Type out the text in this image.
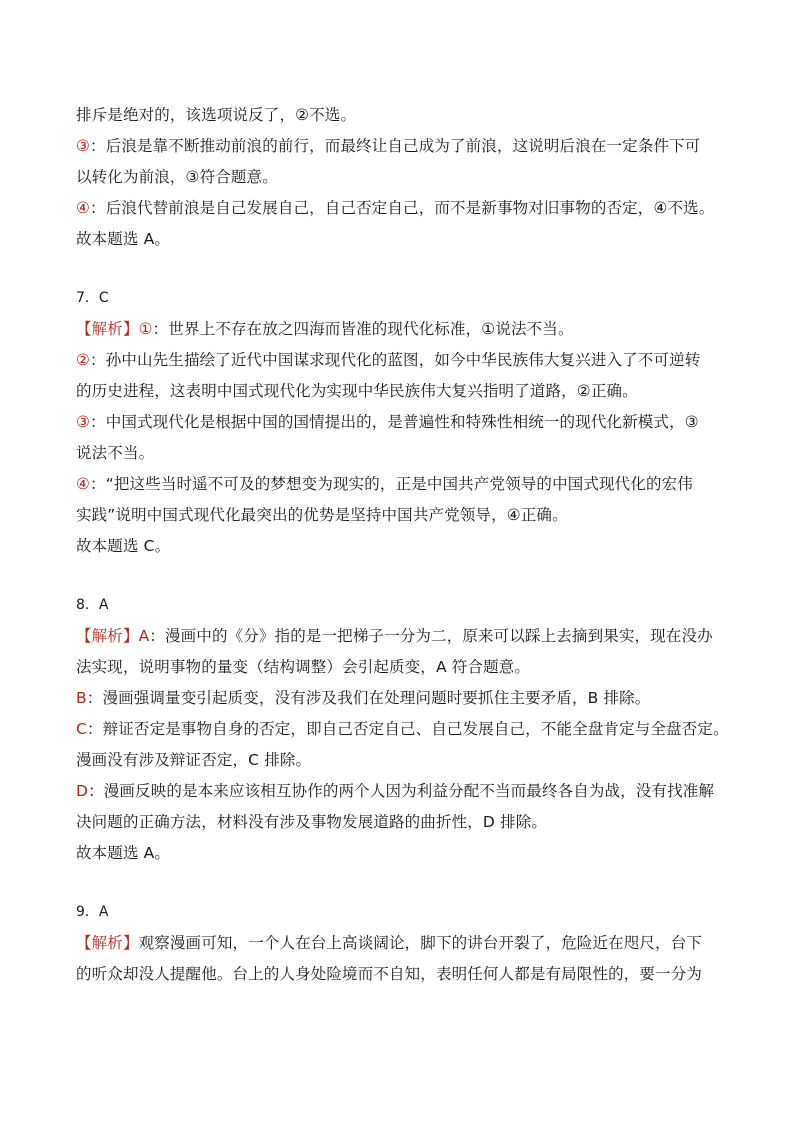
排斥是绝对的，该选项说反了，②不选。
③：后浪是靠不断推动前浪的前行，而最终让自己成为了前浪，这说明后浪在一定条件下可
以转化为前浪，③符合题意。
④：后浪代替前浪是自己发展自己，自己否定自己，而不是新事物对旧事物的否定，④不选。
故本题选 A。
7．C
【解析】①：世界上不存在放之四海而皆准的现代化标准，①说法不当。
②：孙中山先生描绘了近代中国谋求现代化的蓝图，如今中华民族伟大复兴进入了不可逆转
的历史进程，这表明中国式现代化为实现中华民族伟大复兴指明了道路，②正确。
③：中国式现代化是根据中国的国情提出的，是普遍性和特殊性相统一的现代化新模式，③
说法不当。
④：“把这些当时遥不可及的梦想变为现实的，正是中国共产党领导的中国式现代化的宏伟
实践”说明中国式现代化最突出的优势是坚持中国共产党领导，④正确。
故本题选 C。
8．A
【解析】A：漫画中的《分》指的是一把梯子一分为二，原来可以踩上去摘到果实，现在没办
法实现，说明事物的量变（结构调整）会引起质变，A 符合题意。
B：漫画强调量变引起质变，没有涉及我们在处理问题时要抓住主要矛盾，B 排除。
C：辩证否定是事物自身的否定，即自己否定自己、自己发展自己，不能全盘肯定与全盘否定。
漫画没有涉及辩证否定，C 排除。
D：漫画反映的是本来应该相互协作的两个人因为利益分配不当而最终各自为战，没有找准解
决问题的正确方法，材料没有涉及事物发展道路的曲折性，D 排除。
故本题选 A。
9．A
【解析】观察漫画可知，一个人在台上高谈阔论，脚下的讲台开裂了，危险近在咫尺，台下
的听众却没人提醒他。台上的人身处险境而不自知，表明任何人都是有局限性的，要一分为
